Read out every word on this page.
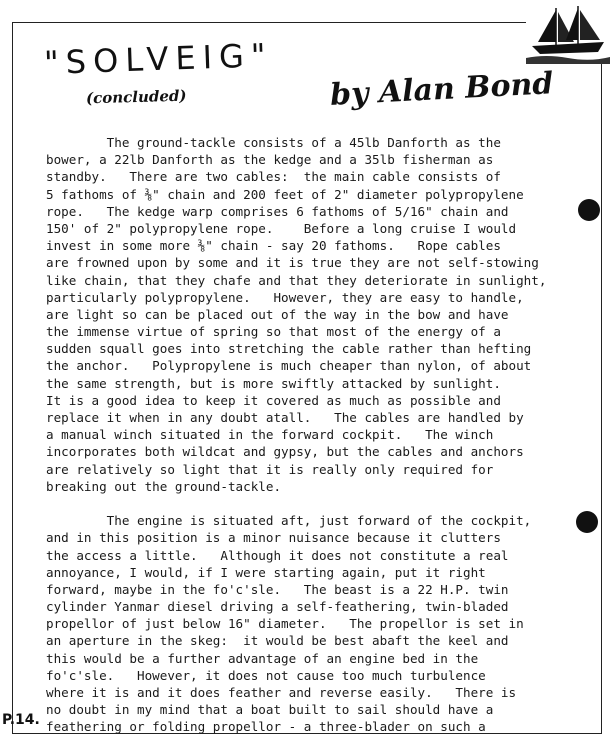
"SOLVEIG"
(concluded)	by Alan Bond
The ground-tackle consists of a 45lb Danforth as the
bower, a 22lb Danforth as the kedge and a 35lb fisherman as
standby.   There are two cables:  the main cable consists of
5 fathoms of ⅜" chain and 200 feet of 2" diameter polypropylene
rope.   The kedge warp comprises 6 fathoms of 5/16" chain and
150' of 2" polypropylene rope.    Before a long cruise I would
invest in some more ⅜" chain - say 20 fathoms.   Rope cables
are frowned upon by some and it is true they are not self-stowing
like chain, that they chafe and that they deteriorate in sunlight,
particularly polypropylene.   However, they are easy to handle,
are light so can be placed out of the way in the bow and have
the immense virtue of spring so that most of the energy of a
sudden squall goes into stretching the cable rather than hefting
the anchor.   Polypropylene is much cheaper than nylon, of about
the same strength, but is more swiftly attacked by sunlight.
It is a good idea to keep it covered as much as possible and
replace it when in any doubt atall.   The cables are handled by
a manual winch situated in the forward cockpit.   The winch
incorporates both wildcat and gypsy, but the cables and anchors
are relatively so light that it is really only required for
breaking out the ground-tackle.
The engine is situated aft, just forward of the cockpit,
and in this position is a minor nuisance because it clutters
the access a little.   Although it does not constitute a real
annoyance, I would, if I were starting again, put it right
forward, maybe in the fo'c'sle.   The beast is a 22 H.P. twin
cylinder Yanmar diesel driving a self-feathering, twin-bladed
propellor of just below 16" diameter.   The propellor is set in
an aperture in the skeg:  it would be best abaft the keel and
this would be a further advantage of an engine bed in the
fo'c'sle.   However, it does not cause too much turbulence
where it is and it does feather and reverse easily.   There is
no doubt in my mind that a boat built to sail should have a
feathering or folding propellor - a three-blader on such a
P.14.
